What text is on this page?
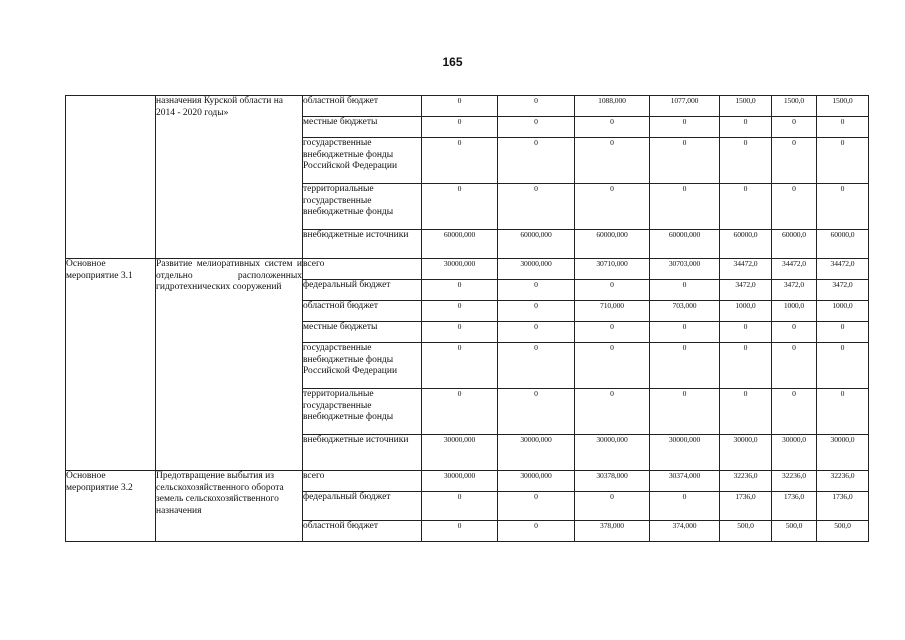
165
	назначения Курской области на 2014 - 2020 годы»	областной бюджет	0	0	1088,000	1077,000	1500,0	1500,0	1500,0
		местные бюджеты	0	0	0	0	0	0	0
		государственные внебюджетные фонды Российской Федерации	0	0	0	0	0	0	0
		территориальные государственные внебюджетные фонды	0	0	0	0	0	0	0
		внебюджетные источники	60000,000	60000,000	60000,000	60000,000	60000,0	60000,0	60000,0
Основное мероприятие 3.1	Развитие мелиоративных систем и отдельно расположенных гидротехнических сооружений	всего	30000,000	30000,000	30710,000	30703,000	34472,0	34472,0	34472,0
		федеральный бюджет	0	0	0	0	3472,0	3472,0	3472,0
		областной бюджет	0	0	710,000	703,000	1000,0	1000,0	1000,0
		местные бюджеты	0	0	0	0	0	0	0
		государственные внебюджетные фонды Российской Федерации	0	0	0	0	0	0	0
		территориальные государственные внебюджетные фонды	0	0	0	0	0	0	0
		внебюджетные источники	30000,000	30000,000	30000,000	30000,000	30000,0	30000,0	30000,0
Основное мероприятие 3.2	Предотвращение выбытия из сельскохозяйственного оборота земель сельскохозяйственного назначения	всего	30000,000	30000,000	30378,000	30374,000	32236,0	32236,0	32236,0
		федеральный бюджет	0	0	0	0	1736,0	1736,0	1736,0
		областной бюджет	0	0	378,000	374,000	500,0	500,0	500,0
